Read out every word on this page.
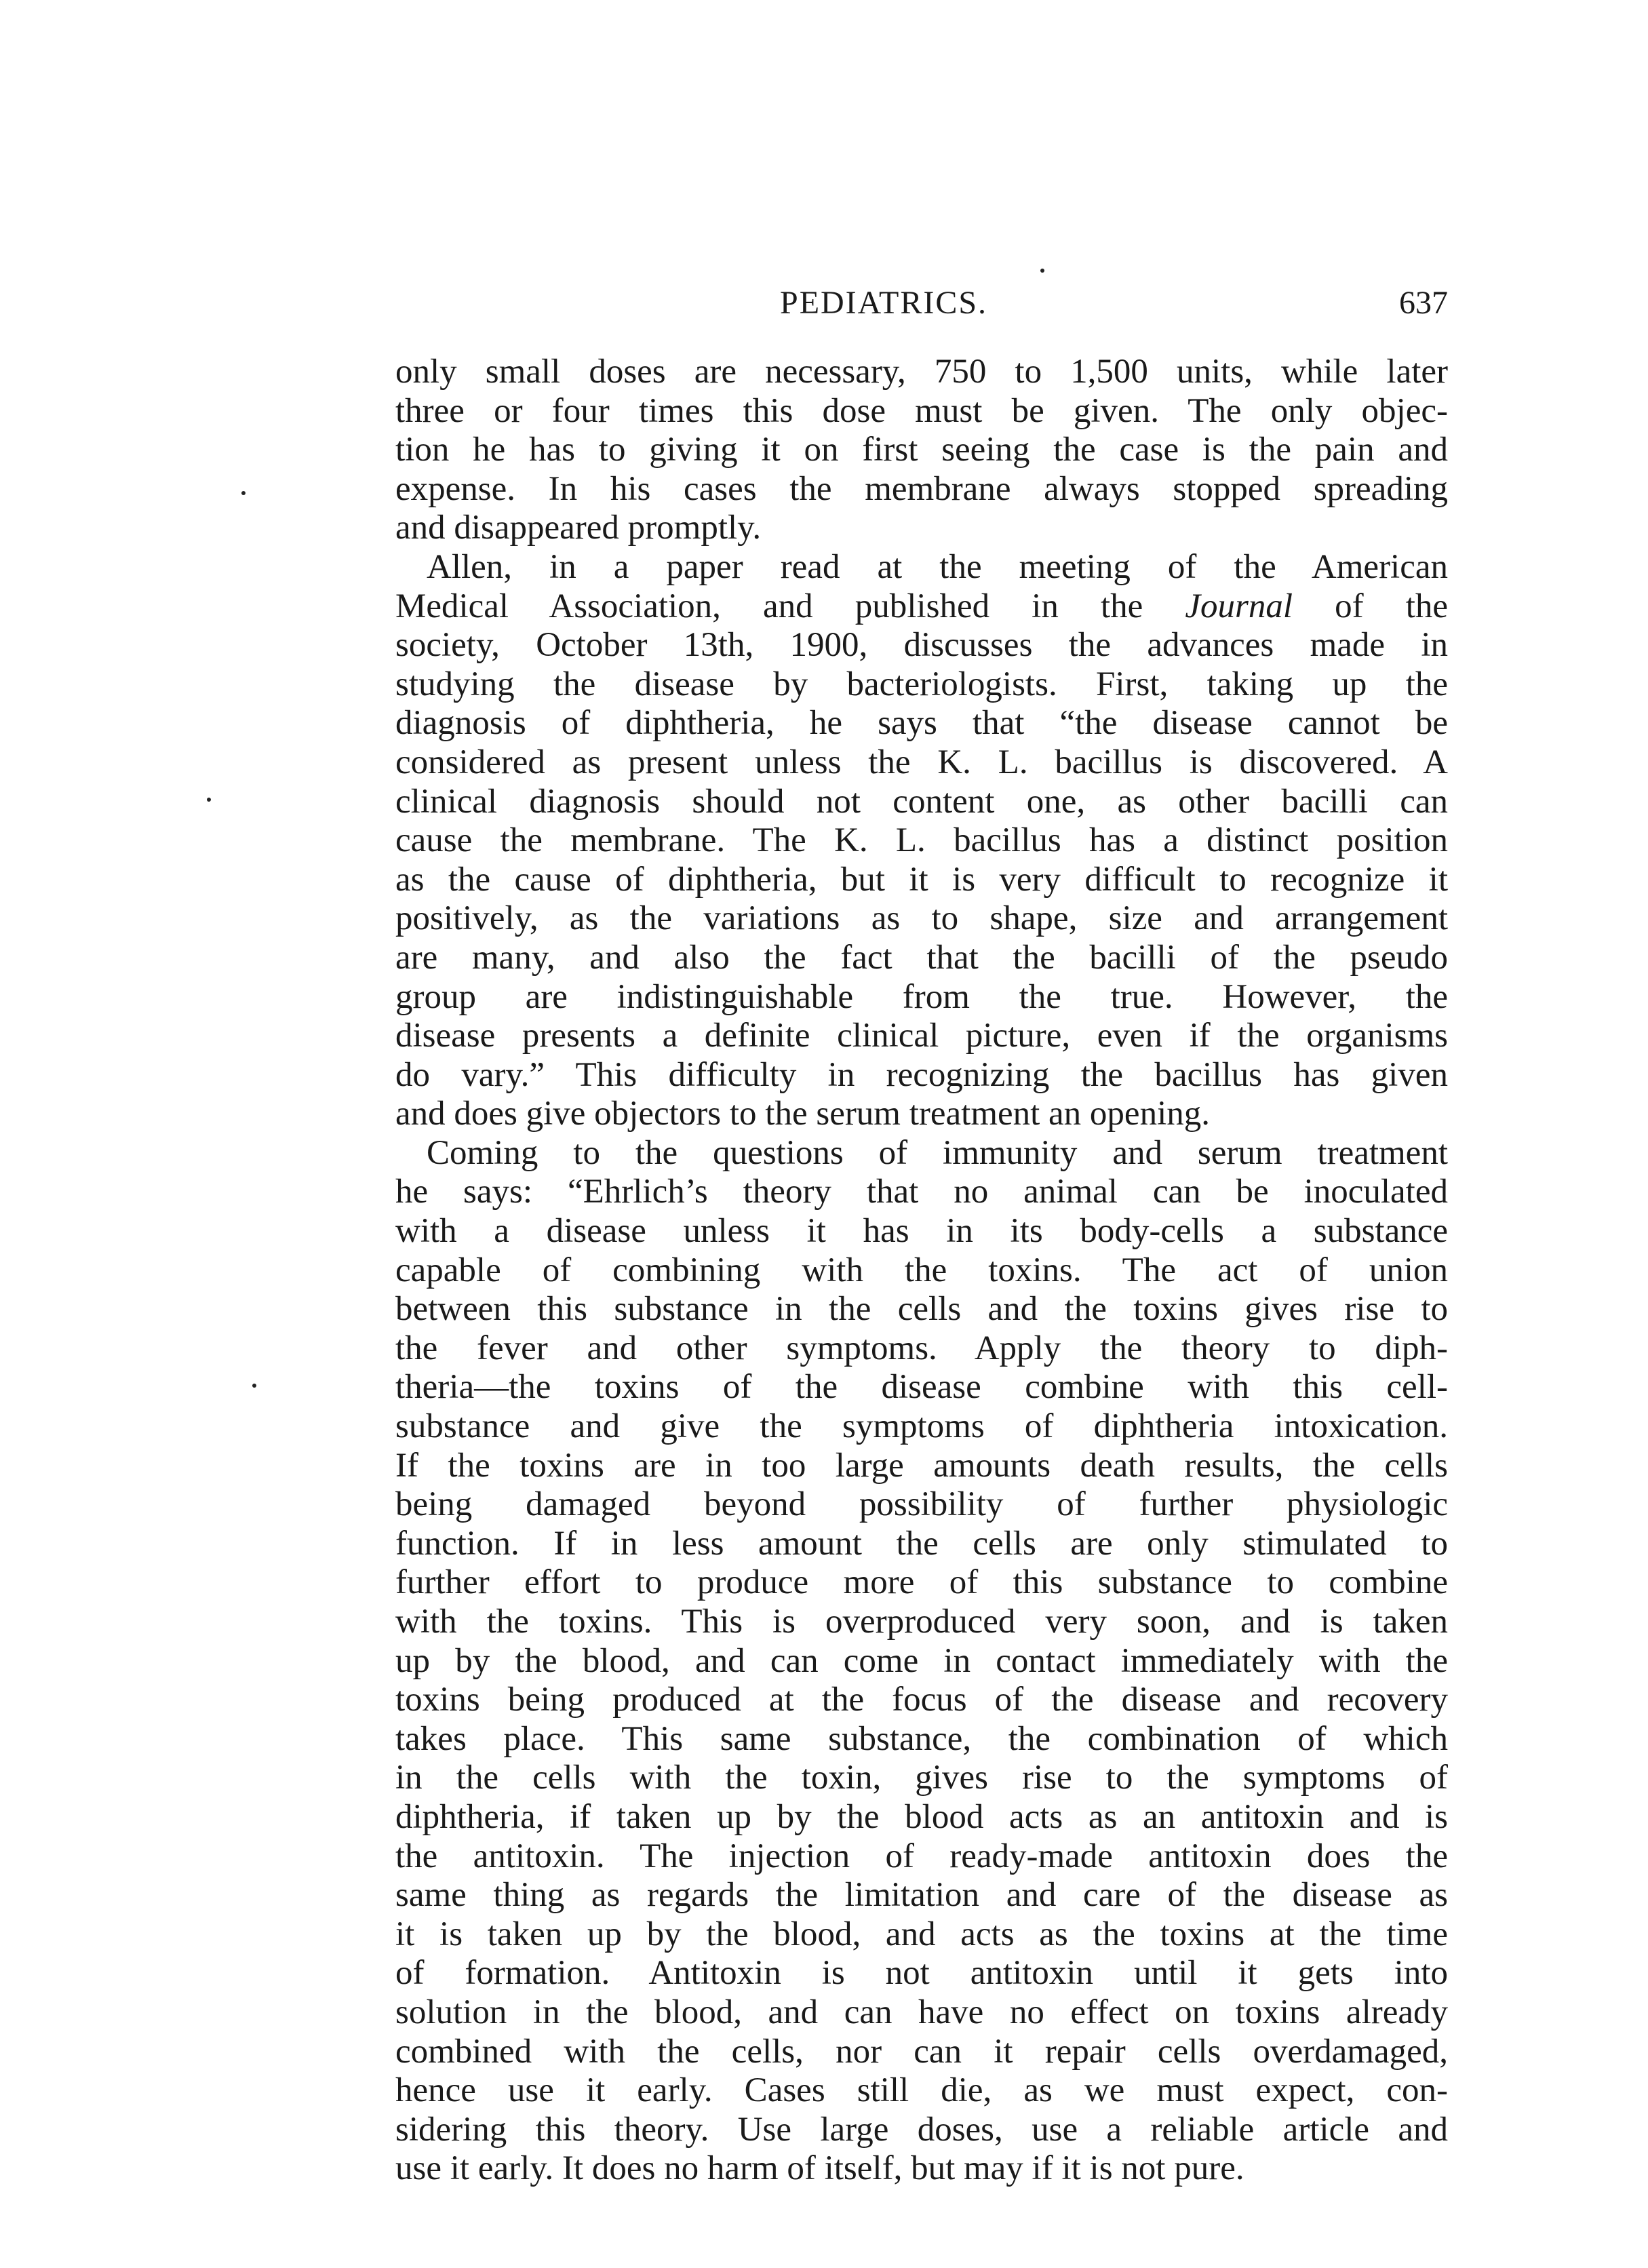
PEDIATRICS.	637
only small doses are necessary, 750 to 1,500 units, while later
three or four times this dose must be given. The only objec-
tion he has to giving it on first seeing the case is the pain and
expense. In his cases the membrane always stopped spreading
and disappeared promptly.
Allen, in a paper read at the meeting of the American
Medical Association, and published in the Journal of the
society, October 13th, 1900, discusses the advances made in
studying the disease by bacteriologists. First, taking up the
diagnosis of diphtheria, he says that “the disease cannot be
considered as present unless the K. L. bacillus is discovered. A
clinical diagnosis should not content one, as other bacilli can
cause the membrane. The K. L. bacillus has a distinct position
as the cause of diphtheria, but it is very difficult to recognize it
positively, as the variations as to shape, size and arrangement
are many, and also the fact that the bacilli of the pseudo
group are indistinguishable from the true. However, the
disease presents a definite clinical picture, even if the organisms
do vary.” This difficulty in recognizing the bacillus has given
and does give objectors to the serum treatment an opening.
Coming to the questions of immunity and serum treatment
he says: “Ehrlich’s theory that no animal can be inoculated
with a disease unless it has in its body-cells a substance
capable of combining with the toxins. The act of union
between this substance in the cells and the toxins gives rise to
the fever and other symptoms. Apply the theory to diph-
theria—the toxins of the disease combine with this cell-
substance and give the symptoms of diphtheria intoxication.
If the toxins are in too large amounts death results, the cells
being damaged beyond possibility of further physiologic
function. If in less amount the cells are only stimulated to
further effort to produce more of this substance to combine
with the toxins. This is overproduced very soon, and is taken
up by the blood, and can come in contact immediately with the
toxins being produced at the focus of the disease and recovery
takes place. This same substance, the combination of which
in the cells with the toxin, gives rise to the symptoms of
diphtheria, if taken up by the blood acts as an antitoxin and is
the antitoxin. The injection of ready-made antitoxin does the
same thing as regards the limitation and care of the disease as
it is taken up by the blood, and acts as the toxins at the time
of formation. Antitoxin is not antitoxin until it gets into
solution in the blood, and can have no effect on toxins already
combined with the cells, nor can it repair cells overdamaged,
hence use it early. Cases still die, as we must expect, con-
sidering this theory. Use large doses, use a reliable article and
use it early. It does no harm of itself, but may if it is not pure.
